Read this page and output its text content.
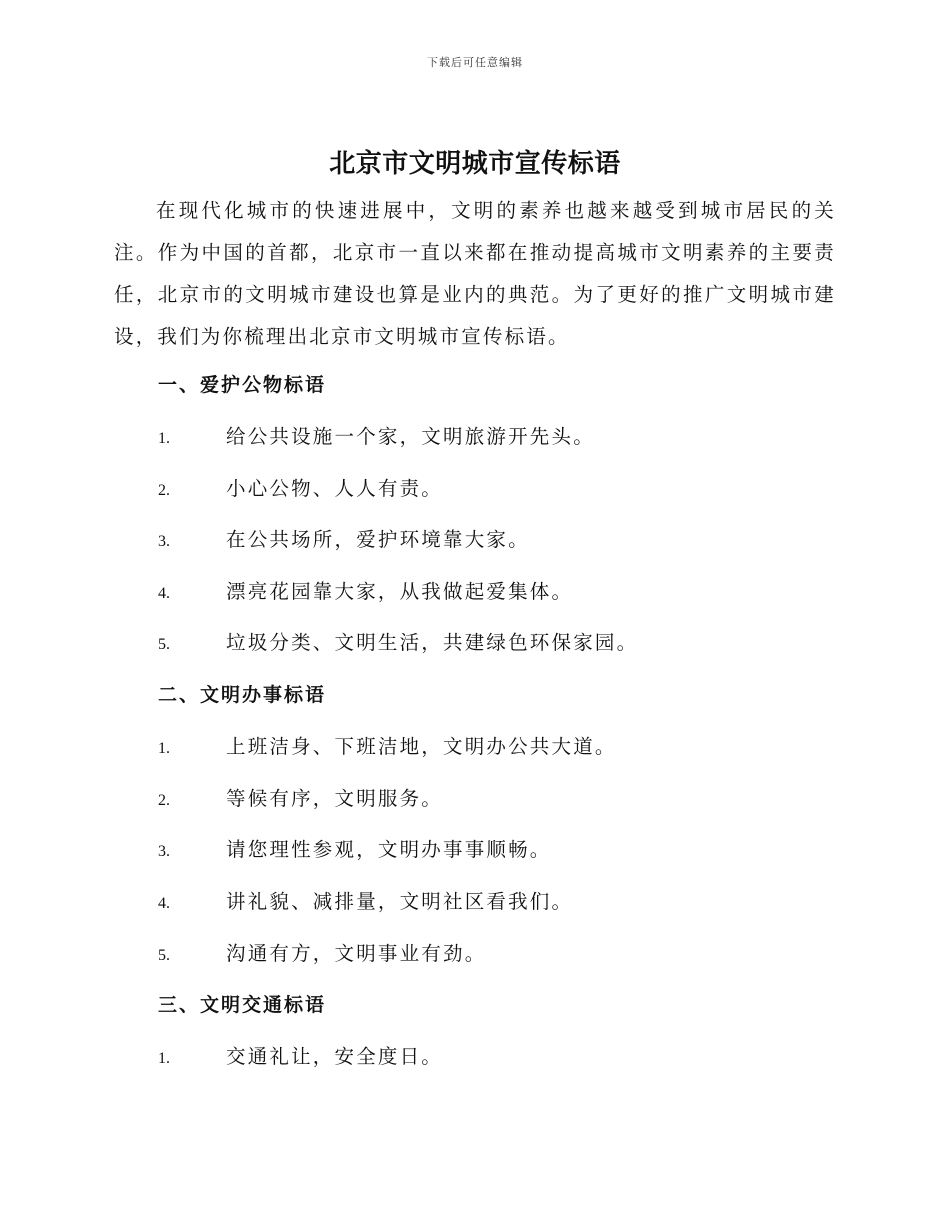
下载后可任意编辑
北京市文明城市宣传标语

在现代化城市的快速进展中，文明的素养也越来越受到城市居民的关注。作为中国的首都，北京市一直以来都在推动提高城市文明素养的主要责任，北京市的文明城市建设也算是业内的典范。为了更好的推广文明城市建设，我们为你梳理出北京市文明城市宣传标语。

一、爱护公物标语
1.	给公共设施一个家，文明旅游开先头。
2.	小心公物、人人有责。
3.	在公共场所，爱护环境靠大家。
4.	漂亮花园靠大家，从我做起爱集体。
5.	垃圾分类、文明生活，共建绿色环保家园。
二、文明办事标语
1.	上班洁身、下班洁地，文明办公共大道。
2.	等候有序，文明服务。
3.	请您理性参观，文明办事事顺畅。
4.	讲礼貌、减排量，文明社区看我们。
5.	沟通有方，文明事业有劲。
三、文明交通标语
1.	交通礼让，安全度日。
